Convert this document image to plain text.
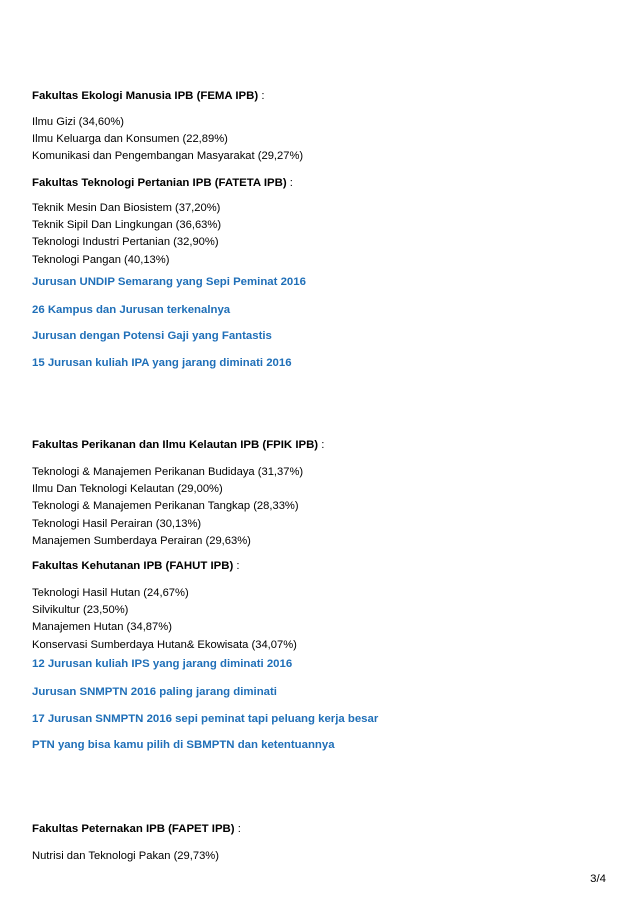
Fakultas Ekologi Manusia IPB (FEMA IPB) :

Ilmu Gizi (34,60%)
Ilmu Keluarga dan Konsumen (22,89%)
Komunikasi dan Pengembangan Masyarakat (29,27%)

Fakultas Teknologi Pertanian IPB (FATETA IPB) :

Teknik Mesin Dan Biosistem (37,20%)
Teknik Sipil Dan Lingkungan (36,63%)
Teknologi Industri Pertanian (32,90%)
Teknologi Pangan (40,13%)
Jurusan UNDIP Semarang yang Sepi Peminat 2016
26 Kampus dan Jurusan terkenalnya
Jurusan dengan Potensi Gaji yang Fantastis
15 Jurusan kuliah IPA yang jarang diminati 2016

Fakultas Perikanan dan Ilmu Kelautan IPB (FPIK IPB) :

Teknologi & Manajemen Perikanan Budidaya (31,37%)
Ilmu Dan Teknologi Kelautan (29,00%)
Teknologi & Manajemen Perikanan Tangkap (28,33%)
Teknologi Hasil Perairan (30,13%)
Manajemen Sumberdaya Perairan (29,63%)

Fakultas Kehutanan IPB (FAHUT IPB) :

Teknologi Hasil Hutan (24,67%)
Silvikultur (23,50%)
Manajemen Hutan (34,87%)
Konservasi Sumberdaya Hutan& Ekowisata (34,07%)
12 Jurusan kuliah IPS yang jarang diminati 2016
Jurusan SNMPTN 2016 paling jarang diminati
17 Jurusan SNMPTN 2016 sepi peminat tapi peluang kerja besar
PTN yang bisa kamu pilih di SBMPTN dan ketentuannya

Fakultas Peternakan IPB (FAPET IPB) :

Nutrisi dan Teknologi Pakan (29,73%)
3/4
